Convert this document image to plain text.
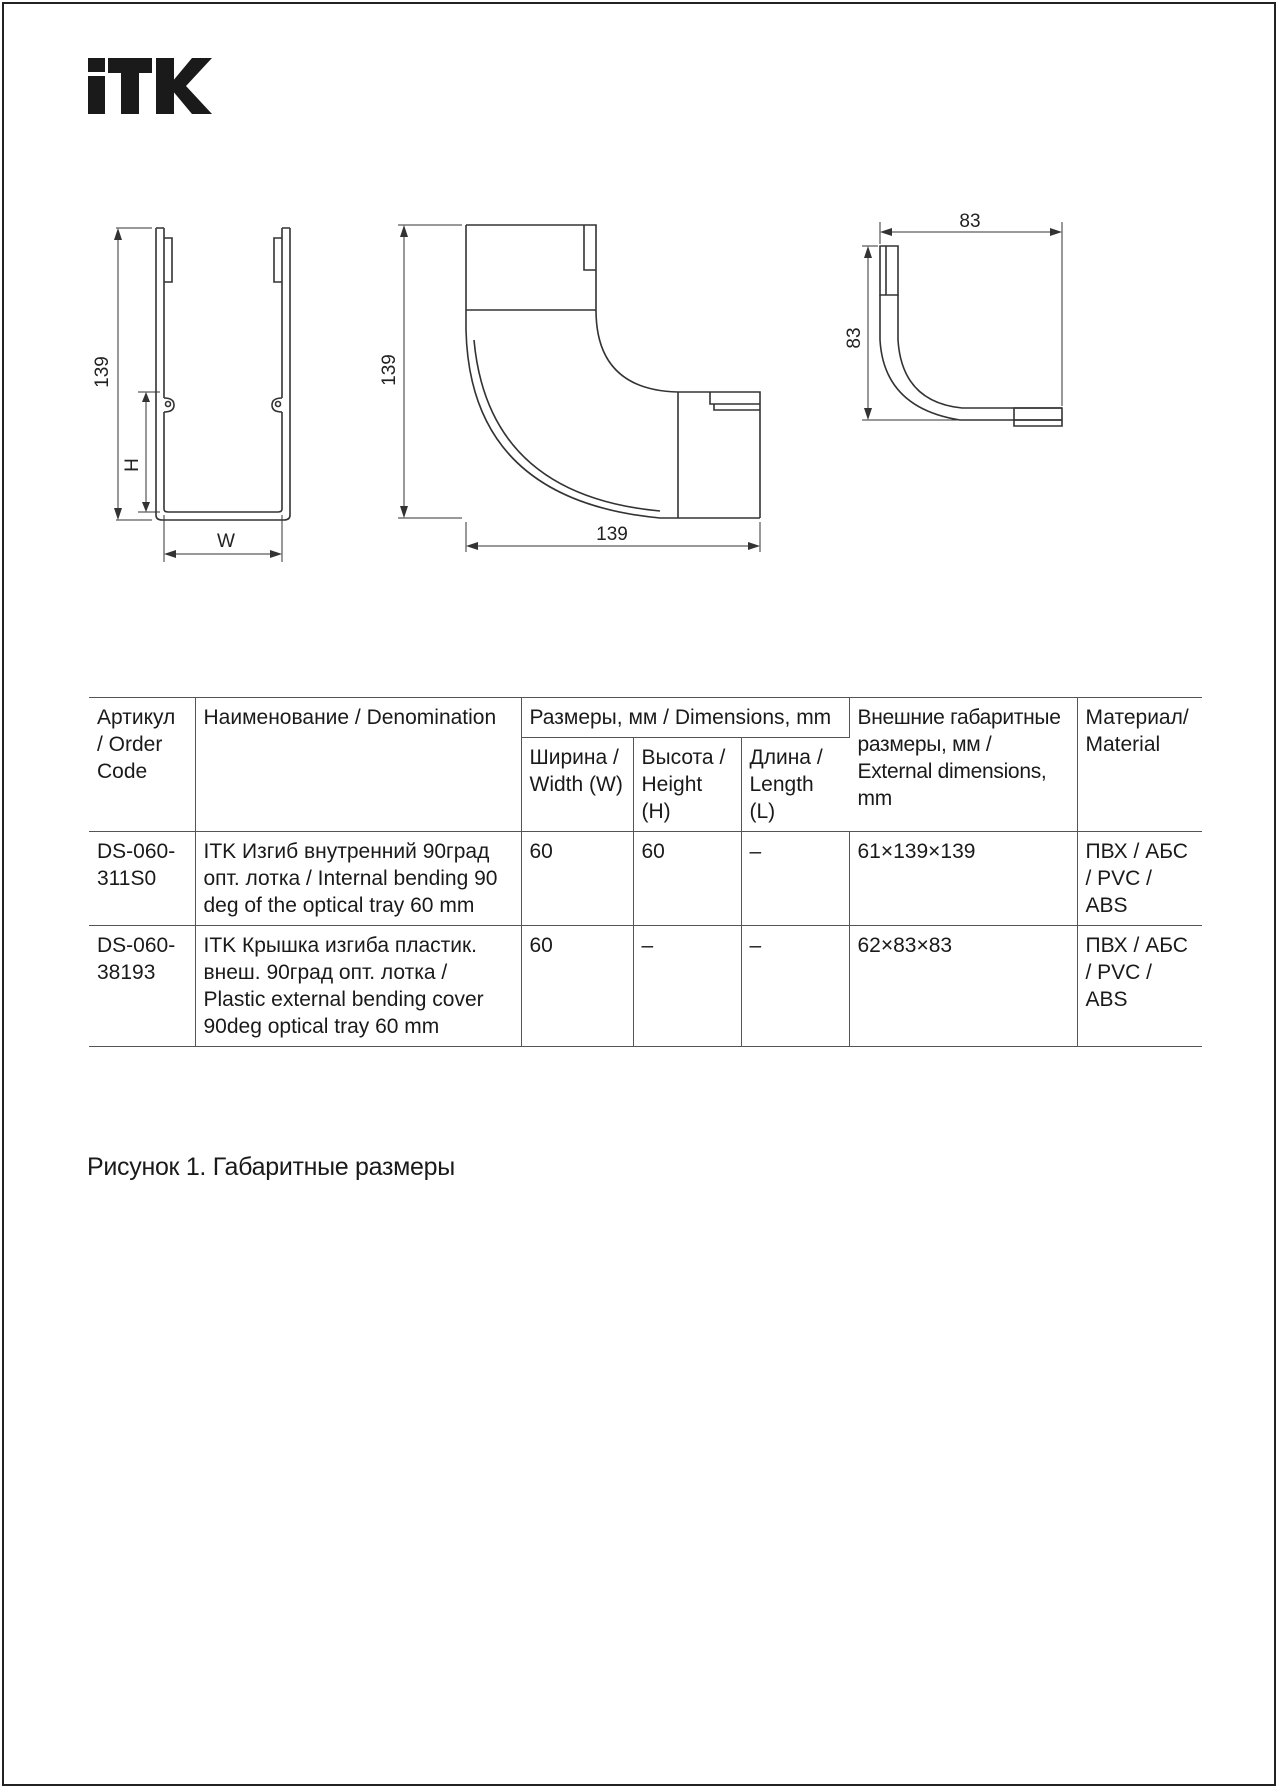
iTK
139
H
W
139
139
83
83
Артикул / Order Code	Наименование / Denomination	Размеры, мм / Dimensions, mm			Внешние габаритные размеры, мм / External dimensions, mm	Материал/ Material
		Ширина / Width (W)	Высота / Height (H)	Длина / Length (L)		
DS-060-311S0	ITK Изгиб внутренний 90град опт. лотка / Internal bending 90 deg of the optical tray 60 mm	60	60	–	61×139×139	ПВХ / АБС / PVC / ABS
DS-060-38193	ITK Крышка изгиба пластик. внеш. 90град опт. лотка / Plastic external bending cover 90deg optical tray 60 mm	60	–	–	62×83×83	ПВХ / АБС / PVC / ABS
Рисунок 1. Габаритные размеры
